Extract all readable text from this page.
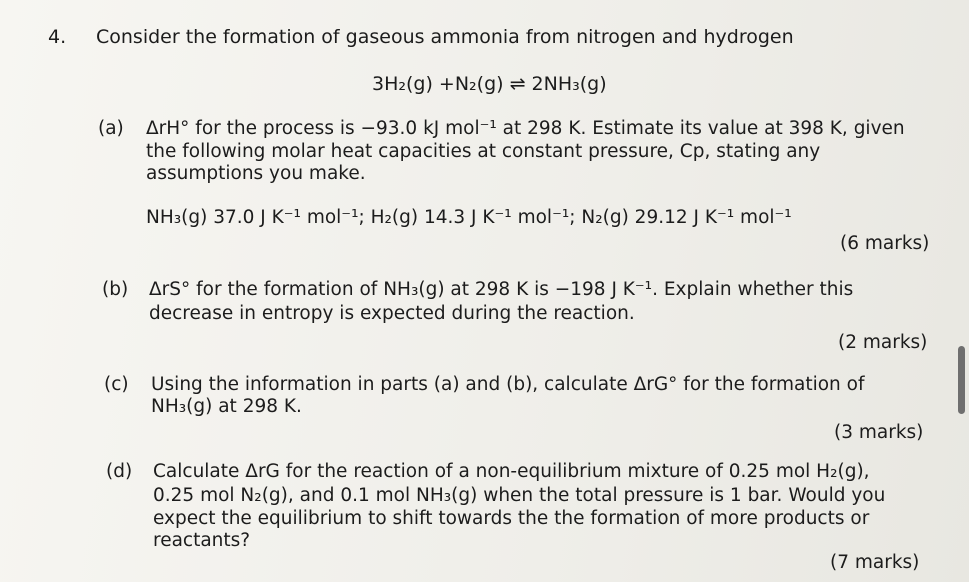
4. Consider the formation of gaseous ammonia from nitrogen and hydrogen
3H₂(g) +N₂(g) ⇌ 2NH₃(g)
(a) ΔrH° for the process is −93.0 kJ mol⁻¹ at 298 K. Estimate its value at 398 K, given
the following molar heat capacities at constant pressure, Cp, stating any
assumptions you make.
NH₃(g) 37.0 J K⁻¹ mol⁻¹; H₂(g) 14.3 J K⁻¹ mol⁻¹; N₂(g) 29.12 J K⁻¹ mol⁻¹
(6 marks)
(b) ΔrS° for the formation of NH₃(g) at 298 K is −198 J K⁻¹. Explain whether this
decrease in entropy is expected during the reaction.
(2 marks)
(c) Using the information in parts (a) and (b), calculate ΔrG° for the formation of
NH₃(g) at 298 K.
(3 marks)
(d) Calculate ΔrG for the reaction of a non-equilibrium mixture of 0.25 mol H₂(g),
0.25 mol N₂(g), and 0.1 mol NH₃(g) when the total pressure is 1 bar. Would you
expect the equilibrium to shift towards the the formation of more products or
reactants?
(7 marks)
